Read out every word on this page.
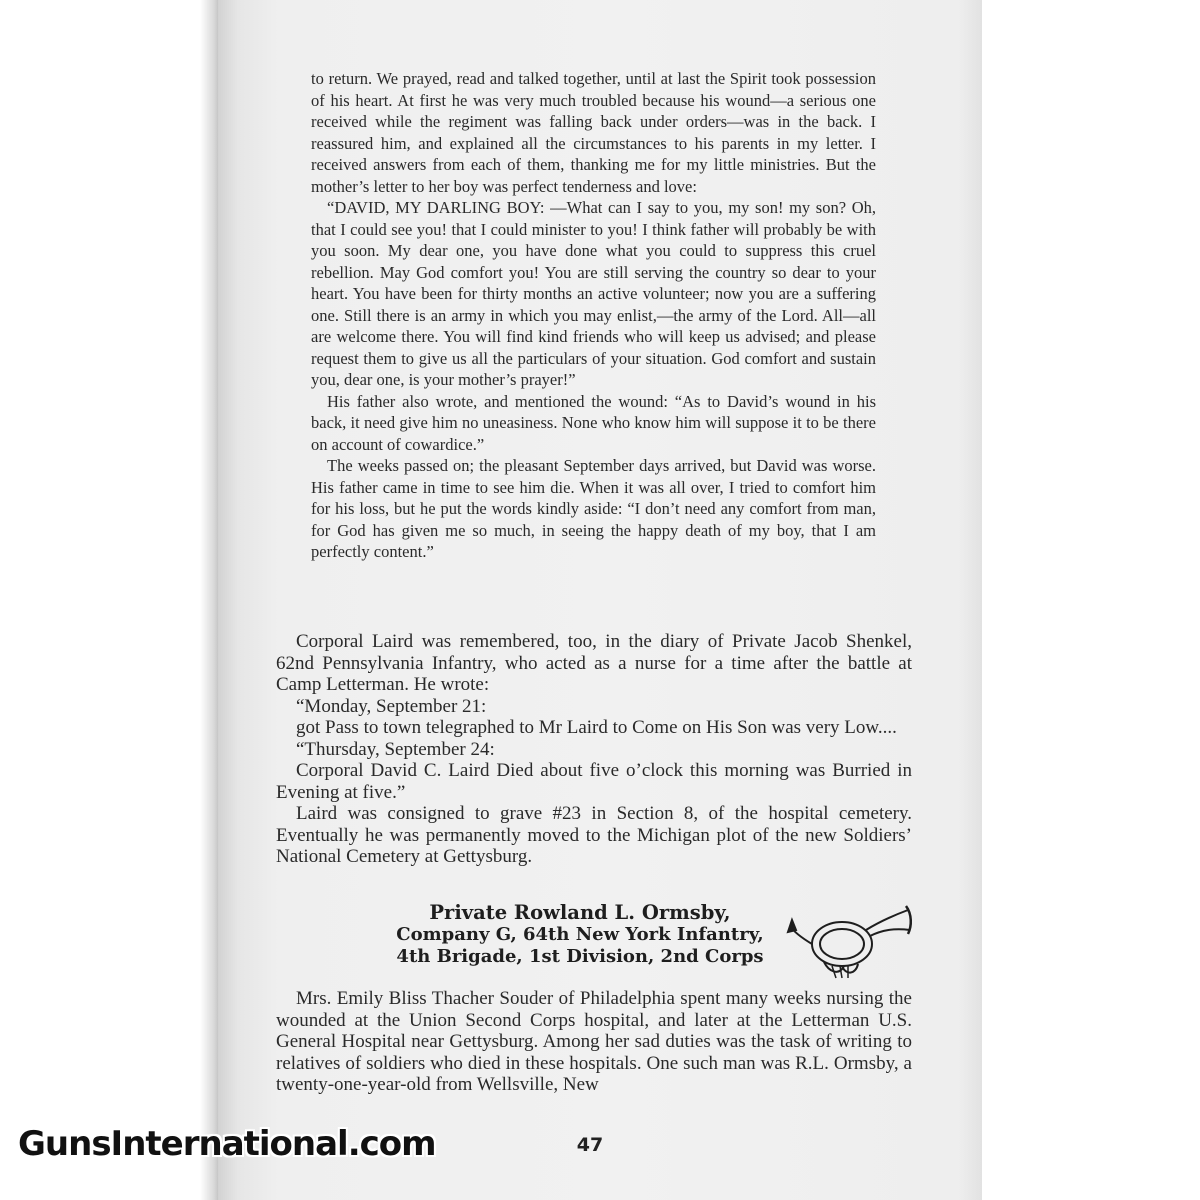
to return. We prayed, read and talked together, until at last the Spirit took possession of his heart. At first he was very much troubled because his wound—a serious one received while the regiment was falling back under orders—was in the back. I reassured him, and explained all the circumstances to his parents in my letter. I received answers from each of them, thanking me for my little ministries. But the mother’s letter to her boy was perfect tenderness and love:

“DAVID, MY DARLING BOY: —What can I say to you, my son! my son? Oh, that I could see you! that I could minister to you! I think father will probably be with you soon. My dear one, you have done what you could to suppress this cruel rebellion. May God comfort you! You are still serving the country so dear to your heart. You have been for thirty months an active volunteer; now you are a suffering one. Still there is an army in which you may enlist,—the army of the Lord. All—all are welcome there. You will find kind friends who will keep us advised; and please request them to give us all the particulars of your situation. God comfort and sustain you, dear one, is your mother’s prayer!”

His father also wrote, and mentioned the wound: “As to David’s wound in his back, it need give him no uneasiness. None who know him will suppose it to be there on account of cowardice.”

The weeks passed on; the pleasant September days arrived, but David was worse. His father came in time to see him die. When it was all over, I tried to comfort him for his loss, but he put the words kindly aside: “I don’t need any comfort from man, for God has given me so much, in seeing the happy death of my boy, that I am perfectly content.”

Corporal Laird was remembered, too, in the diary of Private Jacob Shenkel, 62nd Pennsylvania Infantry, who acted as a nurse for a time after the battle at Camp Letterman. He wrote:

“Monday, September 21:

got Pass to town telegraphed to Mr Laird to Come on His Son was very Low....

“Thursday, September 24:

Corporal David C. Laird Died about five o’clock this morning was Burried in Evening at five.”

Laird was consigned to grave #23 in Section 8, of the hospital cemetery. Eventually he was permanently moved to the Michigan plot of the new Soldiers’ National Cemetery at Gettysburg.

Private Rowland L. Ormsby,
Company G, 64th New York Infantry,
4th Brigade, 1st Division, 2nd Corps

Mrs. Emily Bliss Thacher Souder of Philadelphia spent many weeks nursing the wounded at the Union Second Corps hospital, and later at the Letterman U.S. General Hospital near Gettysburg. Among her sad duties was the task of writing to relatives of soldiers who died in these hospitals. One such man was R.L. Ormsby, a twenty-one-year-old from Wellsville, New

47
GunsInternational.com
